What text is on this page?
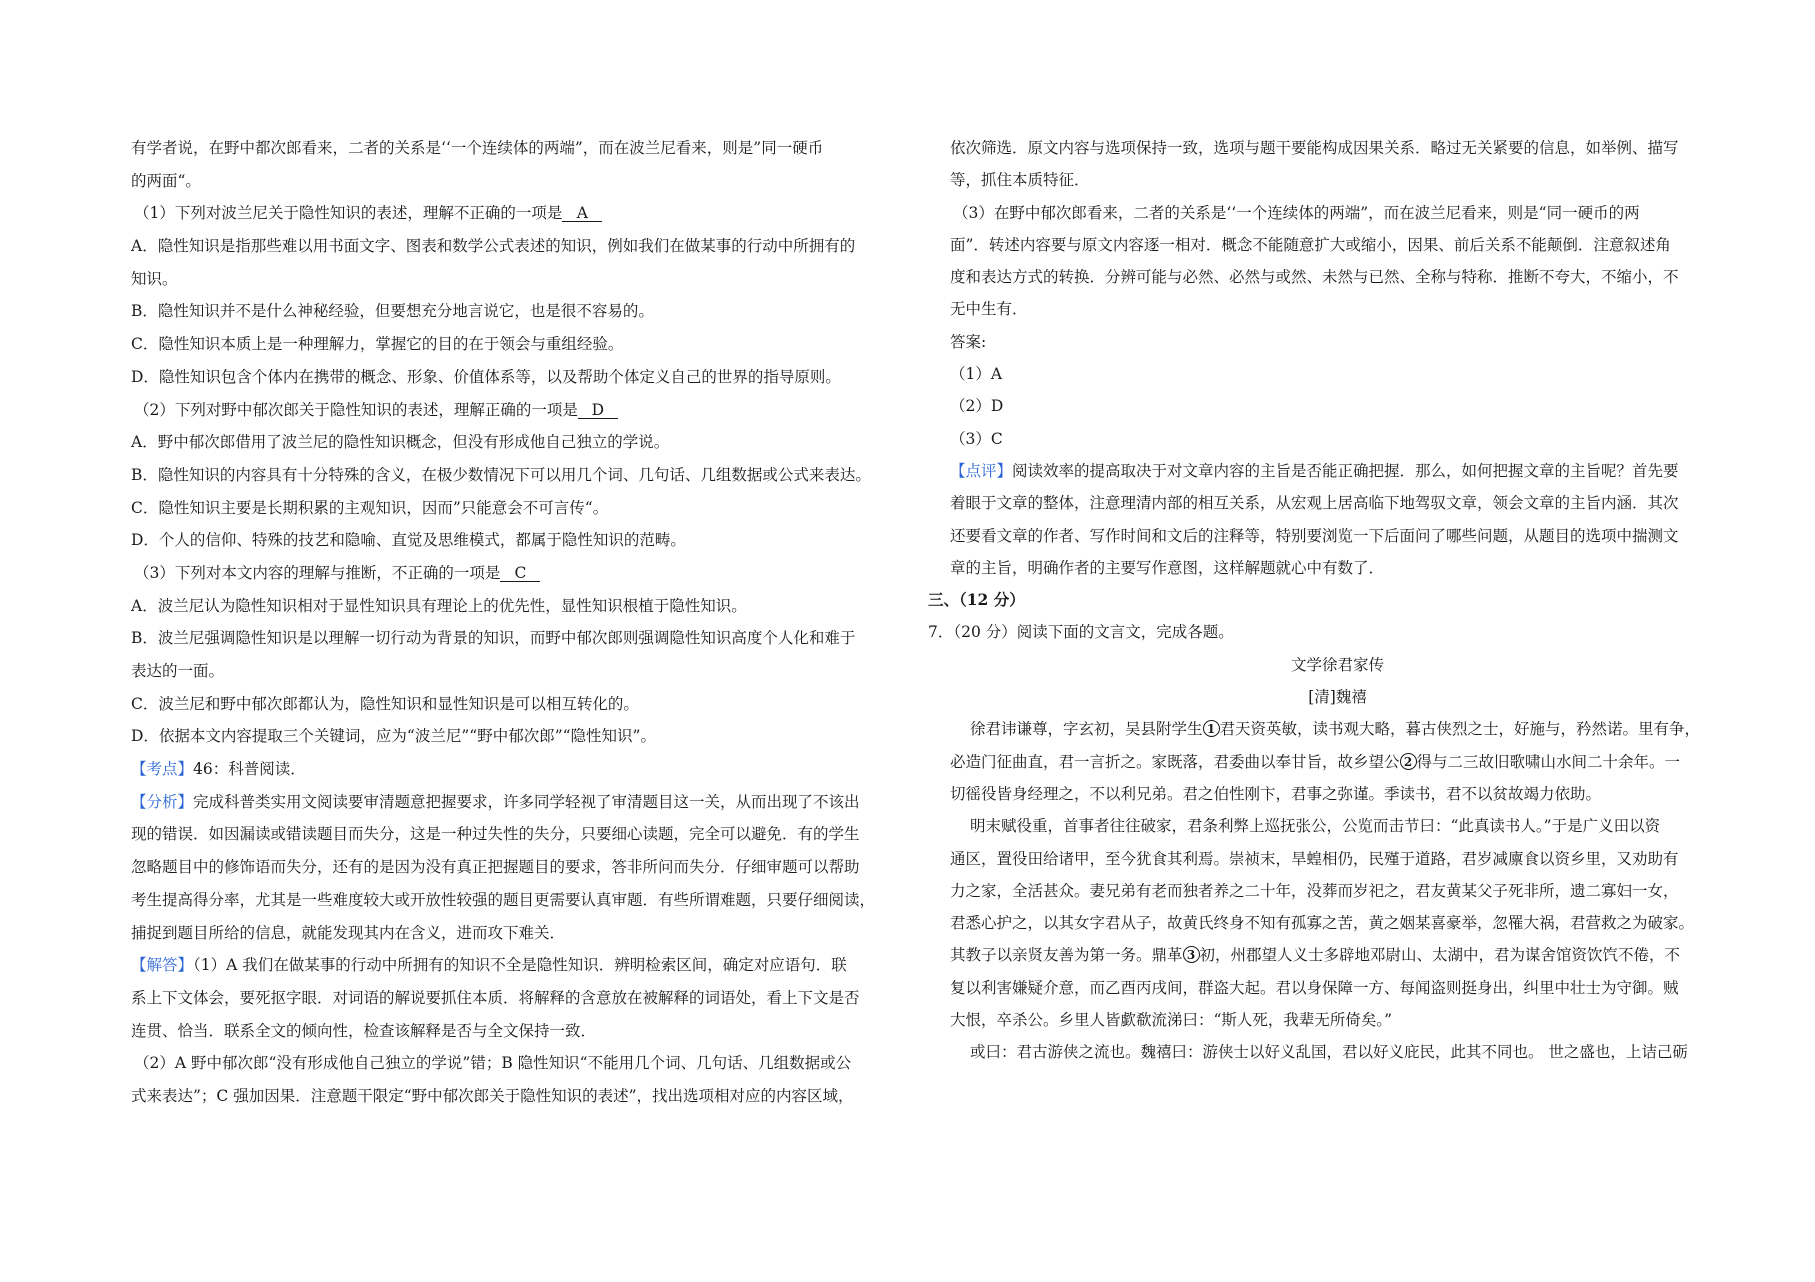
有学者说，在野中都次郎看来，二者的关系是‘‘一个连续体的两端”，而在波兰尼看来，则是”同一硬币
的两面“。
（1）下列对波兰尼关于隐性知识的表述，理解不正确的一项是 A
A．隐性知识是指那些难以用书面文字、图表和数学公式表述的知识，例如我们在做某事的行动中所拥有的
知识。
B．隐性知识并不是什么神秘经验，但要想充分地言说它，也是很不容易的。
C．隐性知识本质上是一种理解力，掌握它的目的在于领会与重组经验。
D．隐性知识包含个体内在携带的概念、形象、价值体系等，以及帮助个体定义自己的世界的指导原则。
（2）下列对野中郁次郎关于隐性知识的表述，理解正确的一项是 D
A．野中郁次郎借用了波兰尼的隐性知识概念，但没有形成他自己独立的学说。
B．隐性知识的内容具有十分特殊的含义，在极少数情况下可以用几个词、几句话、几组数据或公式来表达。
C．隐性知识主要是长期积累的主观知识，因而”只能意会不可言传“。
D．个人的信仰、特殊的技艺和隐喻、直觉及思维模式，都属于隐性知识的范畴。
（3）下列对本文内容的理解与推断，不正确的一项是 C
A．波兰尼认为隐性知识相对于显性知识具有理论上的优先性，显性知识根植于隐性知识。
B．波兰尼强调隐性知识是以理解一切行动为背景的知识，而野中郁次郎则强调隐性知识高度个人化和难于
表达的一面。
C．波兰尼和野中郁次郎都认为，隐性知识和显性知识是可以相互转化的。
D．依据本文内容提取三个关键词，应为“波兰尼”“野中郁次郎”“隐性知识”。
【考点】46：科普阅读．
【分析】完成科普类实用文阅读要审清题意把握要求，许多同学轻视了审清题目这一关，从而出现了不该出
现的错误．如因漏读或错读题目而失分，这是一种过失性的失分，只要细心读题，完全可以避免．有的学生
忽略题目中的修饰语而失分，还有的是因为没有真正把握题目的要求，答非所问而失分．仔细审题可以帮助
考生提高得分率，尤其是一些难度较大或开放性较强的题目更需要认真审题．有些所谓难题，只要仔细阅读，
捕捉到题目所给的信息，就能发现其内在含义，进而攻下难关．
【解答】（1）A 我们在做某事的行动中所拥有的知识不全是隐性知识．辨明检索区间，确定对应语句．联
系上下文体会，要死抠字眼．对词语的解说要抓住本质．将解释的含意放在被解释的词语处，看上下文是否
连贯、恰当．联系全文的倾向性，检查该解释是否与全文保持一致．
（2）A 野中郁次郎“没有形成他自己独立的学说”错；B 隐性知识“不能用几个词、几句话、几组数据或公
式来表达”；C 强加因果．注意题干限定“野中郁次郎关于隐性知识的表述”，找出选项相对应的内容区域，
依次筛选．原文内容与选项保持一致，选项与题干要能构成因果关系．略过无关紧要的信息，如举例、描写
等，抓住本质特征．
（3）在野中郁次郎看来，二者的关系是‘‘一个连续体的两端”，而在波兰尼看来，则是“同一硬币的两
面”．转述内容要与原文内容逐一相对．概念不能随意扩大或缩小，因果、前后关系不能颠倒．注意叙述角
度和表达方式的转换．分辨可能与必然、必然与或然、未然与已然、全称与特称．推断不夸大，不缩小，不
无中生有．
答案:
（1）A
（2）D
（3）C
【点评】阅读效率的提高取决于对文章内容的主旨是否能正确把握．那么，如何把握文章的主旨呢？首先要
着眼于文章的整体，注意理清内部的相互关系，从宏观上居高临下地驾驭文章，领会文章的主旨内涵．其次
还要看文章的作者、写作时间和文后的注释等，特别要浏览一下后面问了哪些问题，从题目的选项中揣测文
章的主旨，明确作者的主要写作意图，这样解题就心中有数了．
三、（12 分）
7．（20 分）阅读下面的文言文，完成各题。
文学徐君家传
[清]魏禧
徐君讳谦尊，字玄初，吴县附学生 1 君天资英敏，读书观大略，暮古侠烈之士，好施与，矜然诺。里有争，
必造门征曲直，君一言折之。家既落，君委曲以奉甘旨，故乡望公 2 得与二三故旧歌啸山水间二十余年。一
切徭役皆身经理之，不以利兄弟。君之伯性刚卞，君事之弥谨。季读书，君不以贫故竭力依助。
明末赋役重，首事者往往破家，君条利弊上巡抚张公，公览而击节曰：“此真读书人。”于是广义田以资
通区，置役田给诸甲，至今犹食其利焉。崇祯末，旱蝗相仍，民殣于道路，君岁减廪食以资乡里，又劝助有
力之家，全活甚众。妻兄弟有老而独者养之二十年，没葬而岁祀之，君友黄某父子死非所，遗二寡妇一女，
君悉心护之，以其女字君从子，故黄氏终身不知有孤寡之苦，黄之姻某喜豪举，忽罹大祸，君营救之为破家。
其教子以亲贤友善为第一务。鼎革 3 初，州郡望人义士多辟地邓尉山、太湖中，君为谋舍馆资饮饩不倦，不
复以利害嫌疑介意，而乙酉丙戌间，群盗大起。君以身保障一方、每闻盗则挺身出，纠里中壮士为守御。贼
大恨，卒杀公。乡里人皆歔欷流涕曰：“斯人死，我辈无所倚矣。”
或曰：君古游侠之流也。魏禧曰：游侠士以好义乱国，君以好义庇民，此其不同也。 世之盛也，上诘己砺
